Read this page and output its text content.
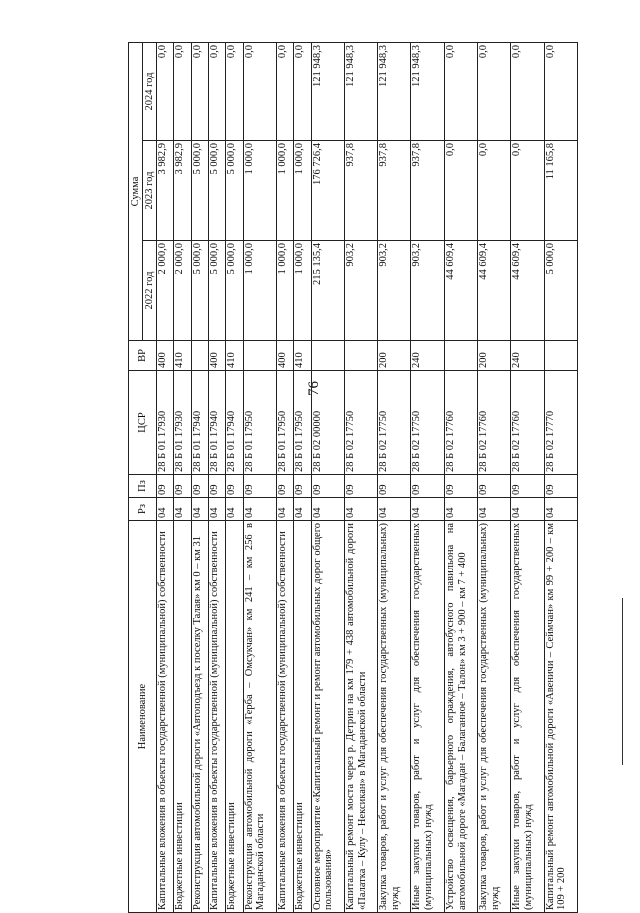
76
Наименование	Рз	Пз	ЦСР	ВР	Сумма		
					2022 год	2023 год	2024 год
Капитальные вложения в объекты государственной (муниципальной) собственности	04	09	28 Б 01 17930	400	2 000,0	3 982,9	0,0
Бюджетные инвестиции	04	09	28 Б 01 17930	410	2 000,0	3 982,9	0,0
Реконструкция автомобильной дороги «Автоподъезд к поселку Талая» км 0 – км 31	04	09	28 Б 01 17940		5 000,0	5 000,0	0,0
Капитальные вложения в объекты государственной (муниципальной) собственности	04	09	28 Б 01 17940	400	5 000,0	5 000,0	0,0
Бюджетные инвестиции	04	09	28 Б 01 17940	410	5 000,0	5 000,0	0,0
Реконструкция автомобильной дороги «Герба – Омсукчан» км 241 – км 256 в Магаданской области	04	09	28 Б 01 17950		1 000,0	1 000,0	0,0
Капитальные вложения в объекты государственной (муниципальной) собственности	04	09	28 Б 01 17950	400	1 000,0	1 000,0	0,0
Бюджетные инвестиции	04	09	28 Б 01 17950	410	1 000,0	1 000,0	0,0
Основное мероприятие «Капитальный ремонт и ремонт автомобильных дорог общего пользования»	04	09	28 Б 02 00000		215 135,4	176 726,4	121 948,3
Капитальный ремонт моста через р. Детрин на км 179 + 438 автомобильной дороги «Палатка – Кулу – Нексикан» в Магаданской области	04	09	28 Б 02 17750		903,2	937,8	121 948,3
Закупка товаров, работ и услуг для обеспечения государственных (муниципальных) нужд	04	09	28 Б 02 17750	200	903,2	937,8	121 948,3
Иные закупки товаров, работ и услуг для обеспечения государственных (муниципальных) нужд	04	09	28 Б 02 17750	240	903,2	937,8	121 948,3
Устройство освещения, барьерного ограждения, автобусного павильона на автомобильной дороге «Магадан – Балаганное – Талон» км 3 + 900 – км 7 + 400	04	09	28 Б 02 17760		44 609,4	0,0	0,0
Закупка товаров, работ и услуг для обеспечения государственных (муниципальных) нужд	04	09	28 Б 02 17760	200	44 609,4	0,0	0,0
Иные закупки товаров, работ и услуг для обеспечения государственных (муниципальных) нужд	04	09	28 Б 02 17760	240	44 609,4	0,0	0,0
Капитальный ремонт автомобильной дороги «Авеничи – Сеймчан» км 99 + 200 – км 109 + 200	04	09	28 Б 02 17770		5 000,0	11 165,8	0,0
